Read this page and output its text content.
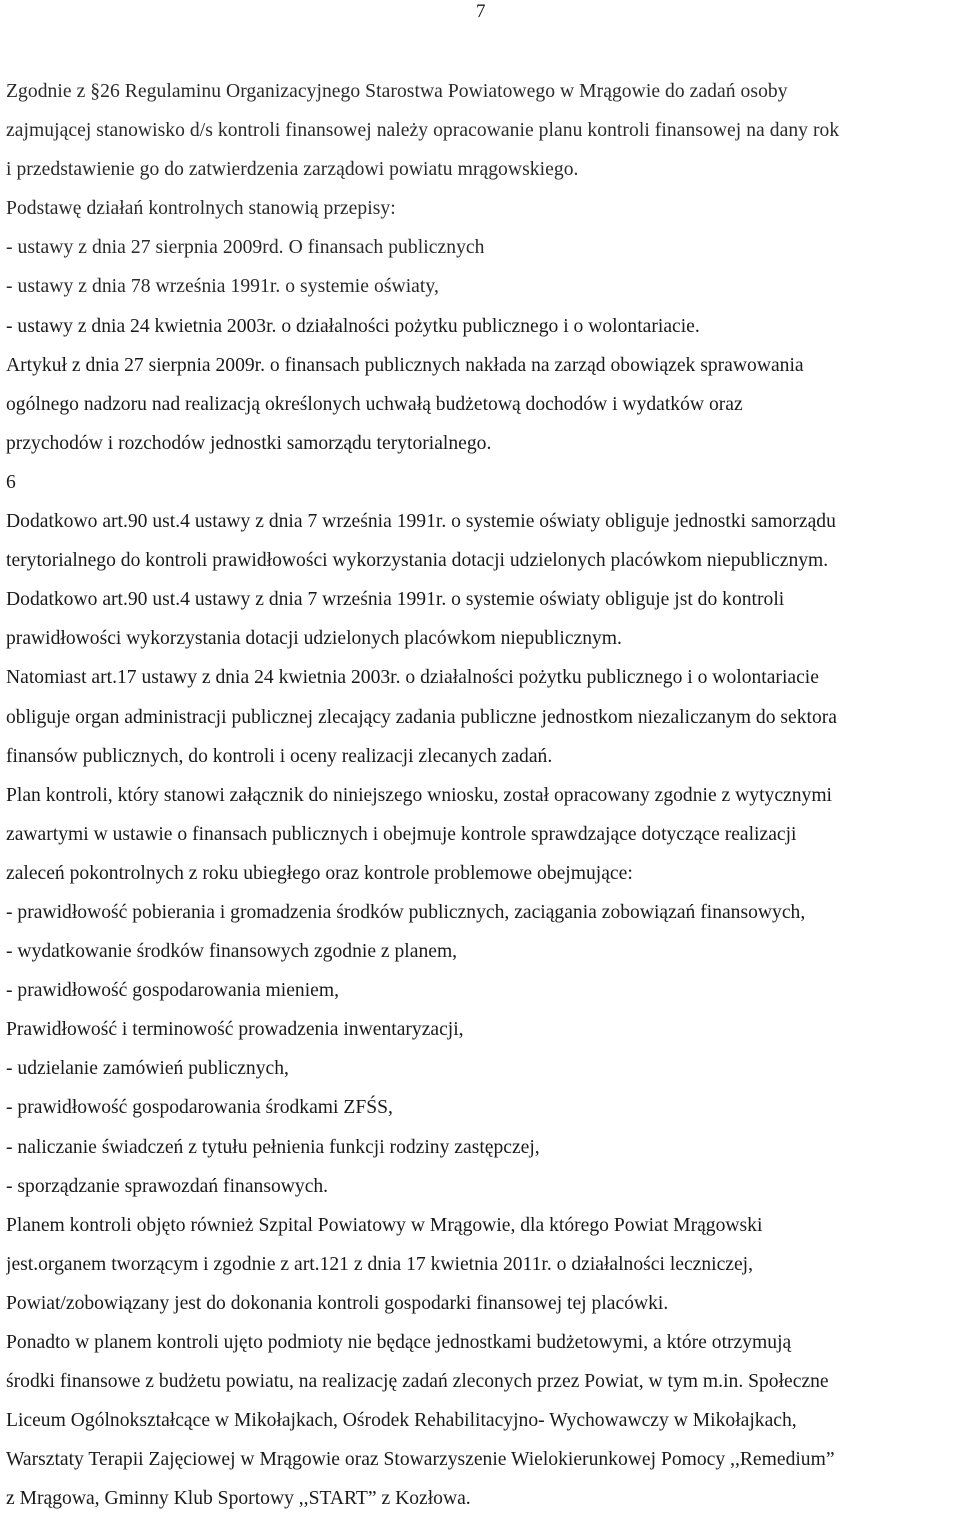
7
Zgodnie z §26 Regulaminu Organizacyjnego Starostwa Powiatowego w Mrągowie do zadań osoby
zajmującej stanowisko d/s kontroli finansowej należy opracowanie planu kontroli finansowej na dany rok
i przedstawienie go do zatwierdzenia zarządowi powiatu mrągowskiego.
Podstawę działań kontrolnych stanowią przepisy:
- ustawy z dnia 27 sierpnia 2009rd. O finansach publicznych
- ustawy z dnia 78 września 1991r. o systemie oświaty,
- ustawy z dnia 24 kwietnia 2003r. o działalności pożytku publicznego i o wolontariacie.
Artykuł z dnia 27 sierpnia 2009r. o finansach publicznych nakłada na zarząd obowiązek sprawowania
ogólnego nadzoru nad realizacją określonych uchwałą budżetową dochodów i wydatków oraz
przychodów i rozchodów jednostki samorządu terytorialnego.
6
Dodatkowo art.90 ust.4 ustawy z dnia 7 września 1991r. o systemie oświaty obliguje jednostki samorządu
terytorialnego do kontroli prawidłowości wykorzystania dotacji udzielonych placówkom niepublicznym.
Dodatkowo art.90 ust.4 ustawy z dnia 7 września 1991r. o systemie oświaty obliguje jst do kontroli
prawidłowości wykorzystania dotacji udzielonych placówkom niepublicznym.
Natomiast art.17 ustawy z dnia 24 kwietnia 2003r. o działalności pożytku publicznego i o wolontariacie
obliguje organ administracji publicznej zlecający zadania publiczne jednostkom niezaliczanym do sektora
finansów publicznych, do kontroli i oceny realizacji zlecanych zadań.
Plan kontroli, który stanowi załącznik do niniejszego wniosku, został opracowany zgodnie z wytycznymi
zawartymi w ustawie o finansach publicznych i obejmuje kontrole sprawdzające dotyczące realizacji
zaleceń pokontrolnych z roku ubiegłego oraz kontrole problemowe obejmujące:
- prawidłowość pobierania i gromadzenia środków publicznych, zaciągania zobowiązań finansowych,
- wydatkowanie środków finansowych zgodnie z planem,
- prawidłowość gospodarowania mieniem,
Prawidłowość i terminowość prowadzenia inwentaryzacji,
- udzielanie zamówień publicznych,
- prawidłowość gospodarowania środkami ZFŚS,
- naliczanie świadczeń z tytułu pełnienia funkcji rodziny zastępczej,
- sporządzanie sprawozdań finansowych.
Planem kontroli objęto również Szpital Powiatowy w Mrągowie, dla którego Powiat Mrągowski
jest.organem tworzącym i zgodnie z art.121 z dnia 17 kwietnia 2011r. o działalności leczniczej,
Powiat/zobowiązany jest do dokonania kontroli gospodarki finansowej tej placówki.
Ponadto w planem kontroli ujęto podmioty nie będące jednostkami budżetowymi, a które otrzymują
środki finansowe z budżetu powiatu, na realizację zadań zleconych przez Powiat, w tym m.in. Społeczne
Liceum Ogólnokształcące w Mikołajkach, Ośrodek Rehabilitacyjno- Wychowawczy w Mikołajkach,
Warsztaty Terapii Zajęciowej w Mrągowie oraz Stowarzyszenie Wielokierunkowej Pomocy ,,Remedium”
z Mrągowa, Gminny Klub Sportowy ,,START” z Kozłowa.
